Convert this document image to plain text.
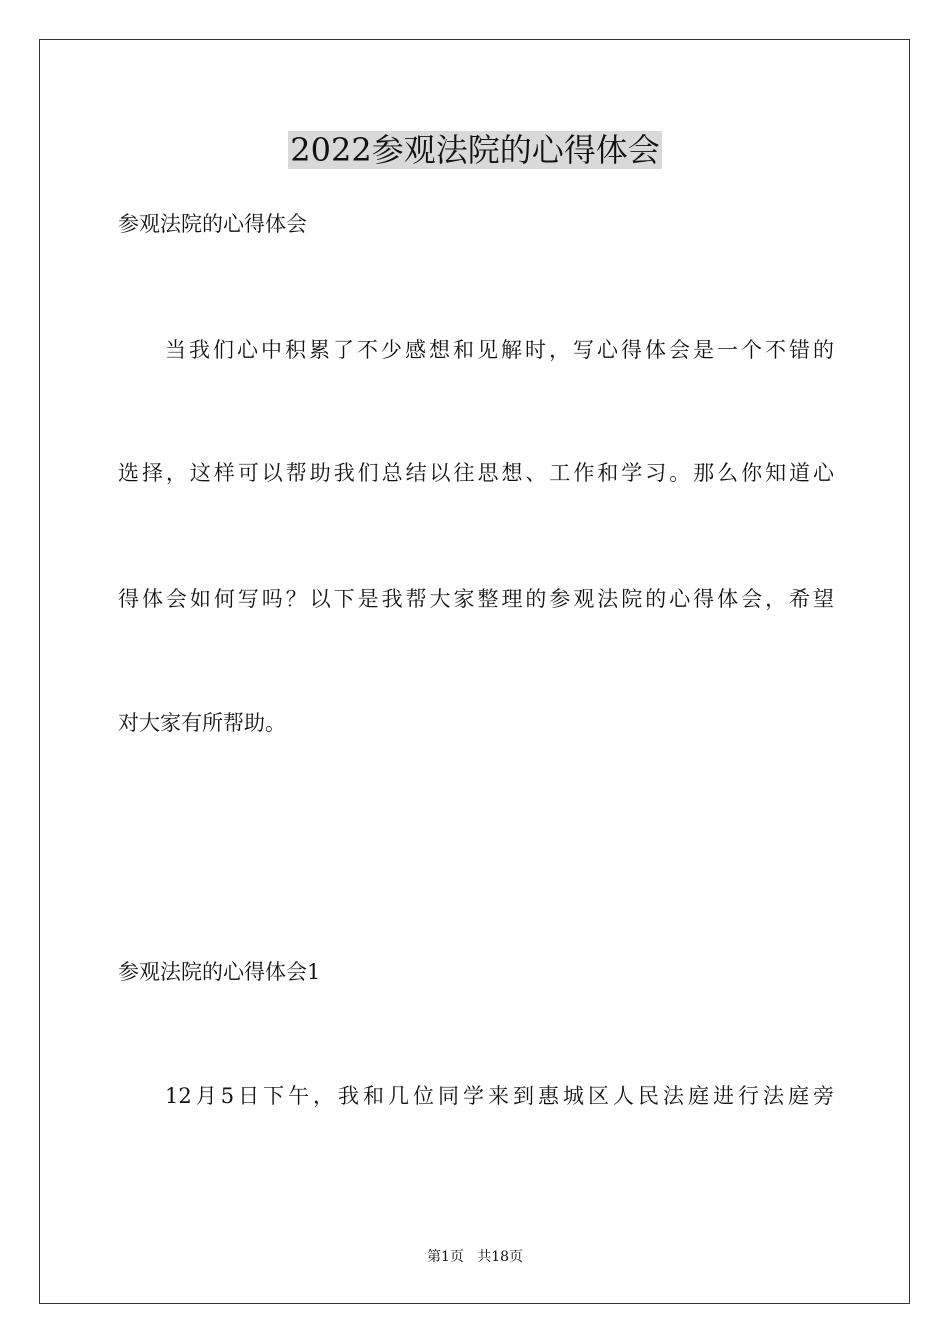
2022参观法院的心得体会
参观法院的心得体会
当我们心中积累了不少感想和见解时，写心得体会是一个不错的
选择，这样可以帮助我们总结以往思想、工作和学习。那么你知道心
得体会如何写吗？以下是我帮大家整理的参观法院的心得体会，希望
对大家有所帮助。
参观法院的心得体会1
12月5日下午，我和几位同学来到惠城区人民法庭进行法庭旁
第1页   共18页
